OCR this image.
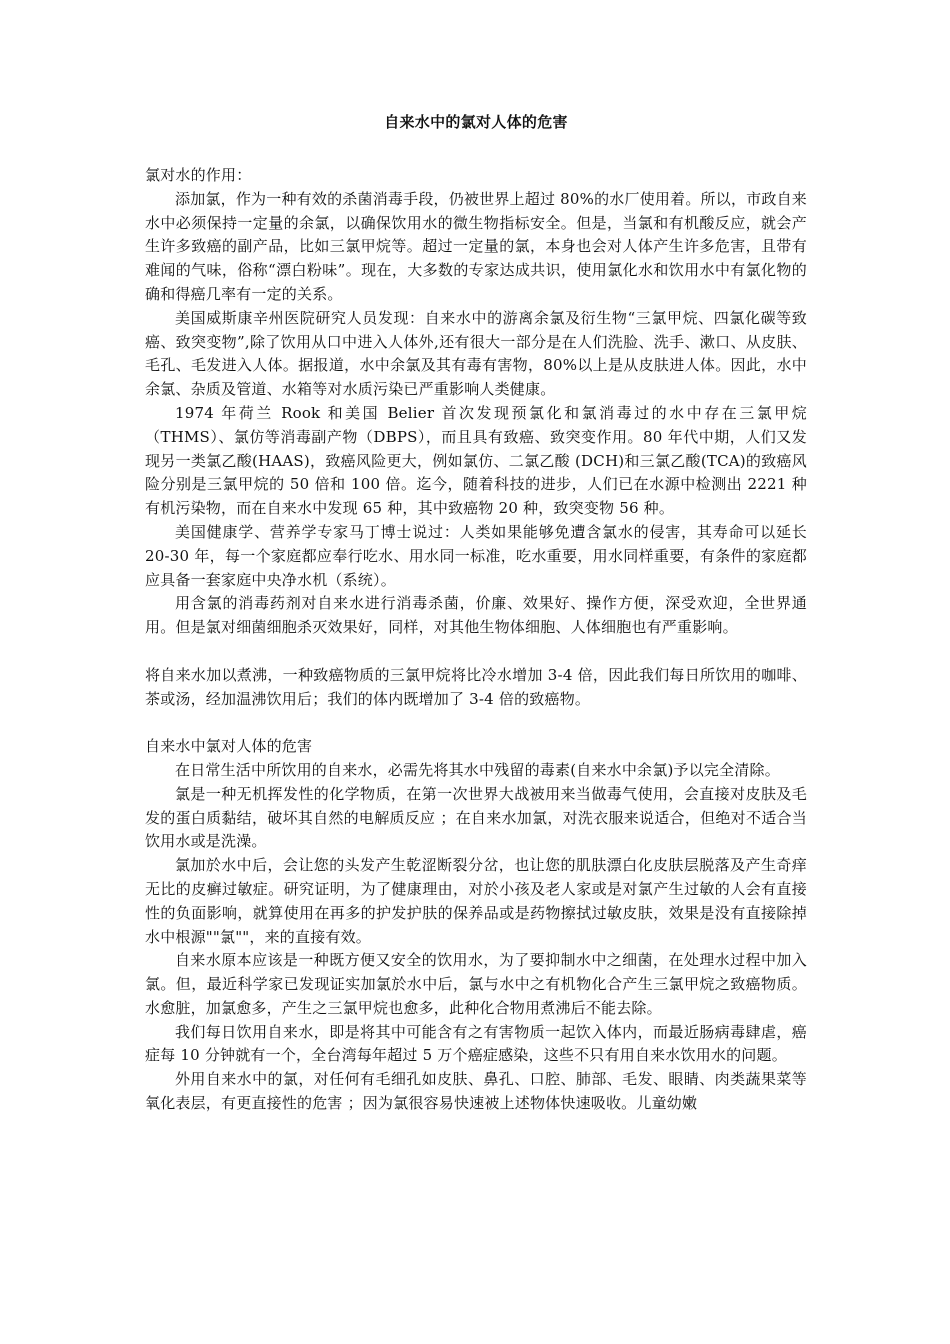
自来水中的氯对人体的危害

氯对水的作用：

添加氯，作为一种有效的杀菌消毒手段，仍被世界上超过 80%的水厂使用着。所以，市政自来水中必须保持一定量的余氯，以确保饮用水的微生物指标安全。但是，当氯和有机酸反应，就会产生许多致癌的副产品，比如三氯甲烷等。超过一定量的氯，本身也会对人体产生许多危害，且带有难闻的气味，俗称“漂白粉味”。现在，大多数的专家达成共识，使用氯化水和饮用水中有氯化物的确和得癌几率有一定的关系。

美国威斯康辛州医院研究人员发现：自来水中的游离余氯及衍生物“三氯甲烷、四氯化碳等致癌、致突变物”,除了饮用从口中进入人体外,还有很大一部分是在人们洗脸、洗手、漱口、从皮肤、毛孔、毛发进入人体。据报道，水中余氯及其有毒有害物，80%以上是从皮肤进人体。因此，水中余氯、杂质及管道、水箱等对水质污染已严重影响人类健康。

1974 年荷兰 Rook 和美国 Belier 首次发现预氯化和氯消毒过的水中存在三氯甲烷（THMS）、氯仿等消毒副产物（DBPS），而且具有致癌、致突变作用。80 年代中期，人们又发现另一类氯乙酸(HAAS)，致癌风险更大，例如氯仿、二氯乙酸 (DCH)和三氯乙酸(TCA)的致癌风险分别是三氯甲烷的 50 倍和 100 倍。迄今，随着科技的进步，人们已在水源中检测出 2221 种有机污染物，而在自来水中发现 65 种，其中致癌物 20 种，致突变物 56 种。

美国健康学、营养学专家马丁博士说过：人类如果能够免遭含氯水的侵害，其寿命可以延长 20-30 年，每一个家庭都应奉行吃水、用水同一标准，吃水重要，用水同样重要，有条件的家庭都应具备一套家庭中央净水机（系统）。

用含氯的消毒药剂对自来水进行消毒杀菌，价廉、效果好、操作方便，深受欢迎，全世界通用。但是氯对细菌细胞杀灭效果好，同样，对其他生物体细胞、人体细胞也有严重影响。

将自来水加以煮沸，一种致癌物质的三氯甲烷将比冷水增加 3-4 倍，因此我们每日所饮用的咖啡、茶或汤，经加温沸饮用后；我们的体内既增加了 3-4 倍的致癌物。

自来水中氯对人体的危害

在日常生活中所饮用的自来水，必需先将其水中残留的毒素(自来水中余氯)予以完全清除。

氯是一种无机挥发性的化学物质，在第一次世界大战被用来当做毒气使用，会直接对皮肤及毛发的蛋白质黏结，破坏其自然的电解质反应 ；在自来水加氯，对洗衣服来说适合，但绝对不适合当饮用水或是洗澡。

氯加於水中后，会让您的头发产生乾涩断裂分岔，也让您的肌肤漂白化皮肤层脱落及产生奇痒无比的皮癣过敏症。研究证明，为了健康理由，对於小孩及老人家或是对氯产生过敏的人会有直接性的负面影响，就算使用在再多的护发护肤的保养品或是药物擦拭过敏皮肤，效果是没有直接除掉水中根源""氯""，来的直接有效。

自来水原本应该是一种既方便又安全的饮用水，为了要抑制水中之细菌，在处理水过程中加入氯。但，最近科学家已发现证实加氯於水中后，氯与水中之有机物化合产生三氯甲烷之致癌物质。水愈脏，加氯愈多，产生之三氯甲烷也愈多，此种化合物用煮沸后不能去除。

我们每日饮用自来水，即是将其中可能含有之有害物质一起饮入体内，而最近肠病毒肆虐，癌症每 10 分钟就有一个，全台湾每年超过 5 万个癌症感染，这些不只有用自来水饮用水的问题。

外用自来水中的氯，对任何有毛细孔如皮肤、鼻孔、口腔、肺部、毛发、眼睛、肉类蔬果菜等氧化表层，有更直接性的危害 ；因为氯很容易快速被上述物体快速吸收。儿童幼嫩
